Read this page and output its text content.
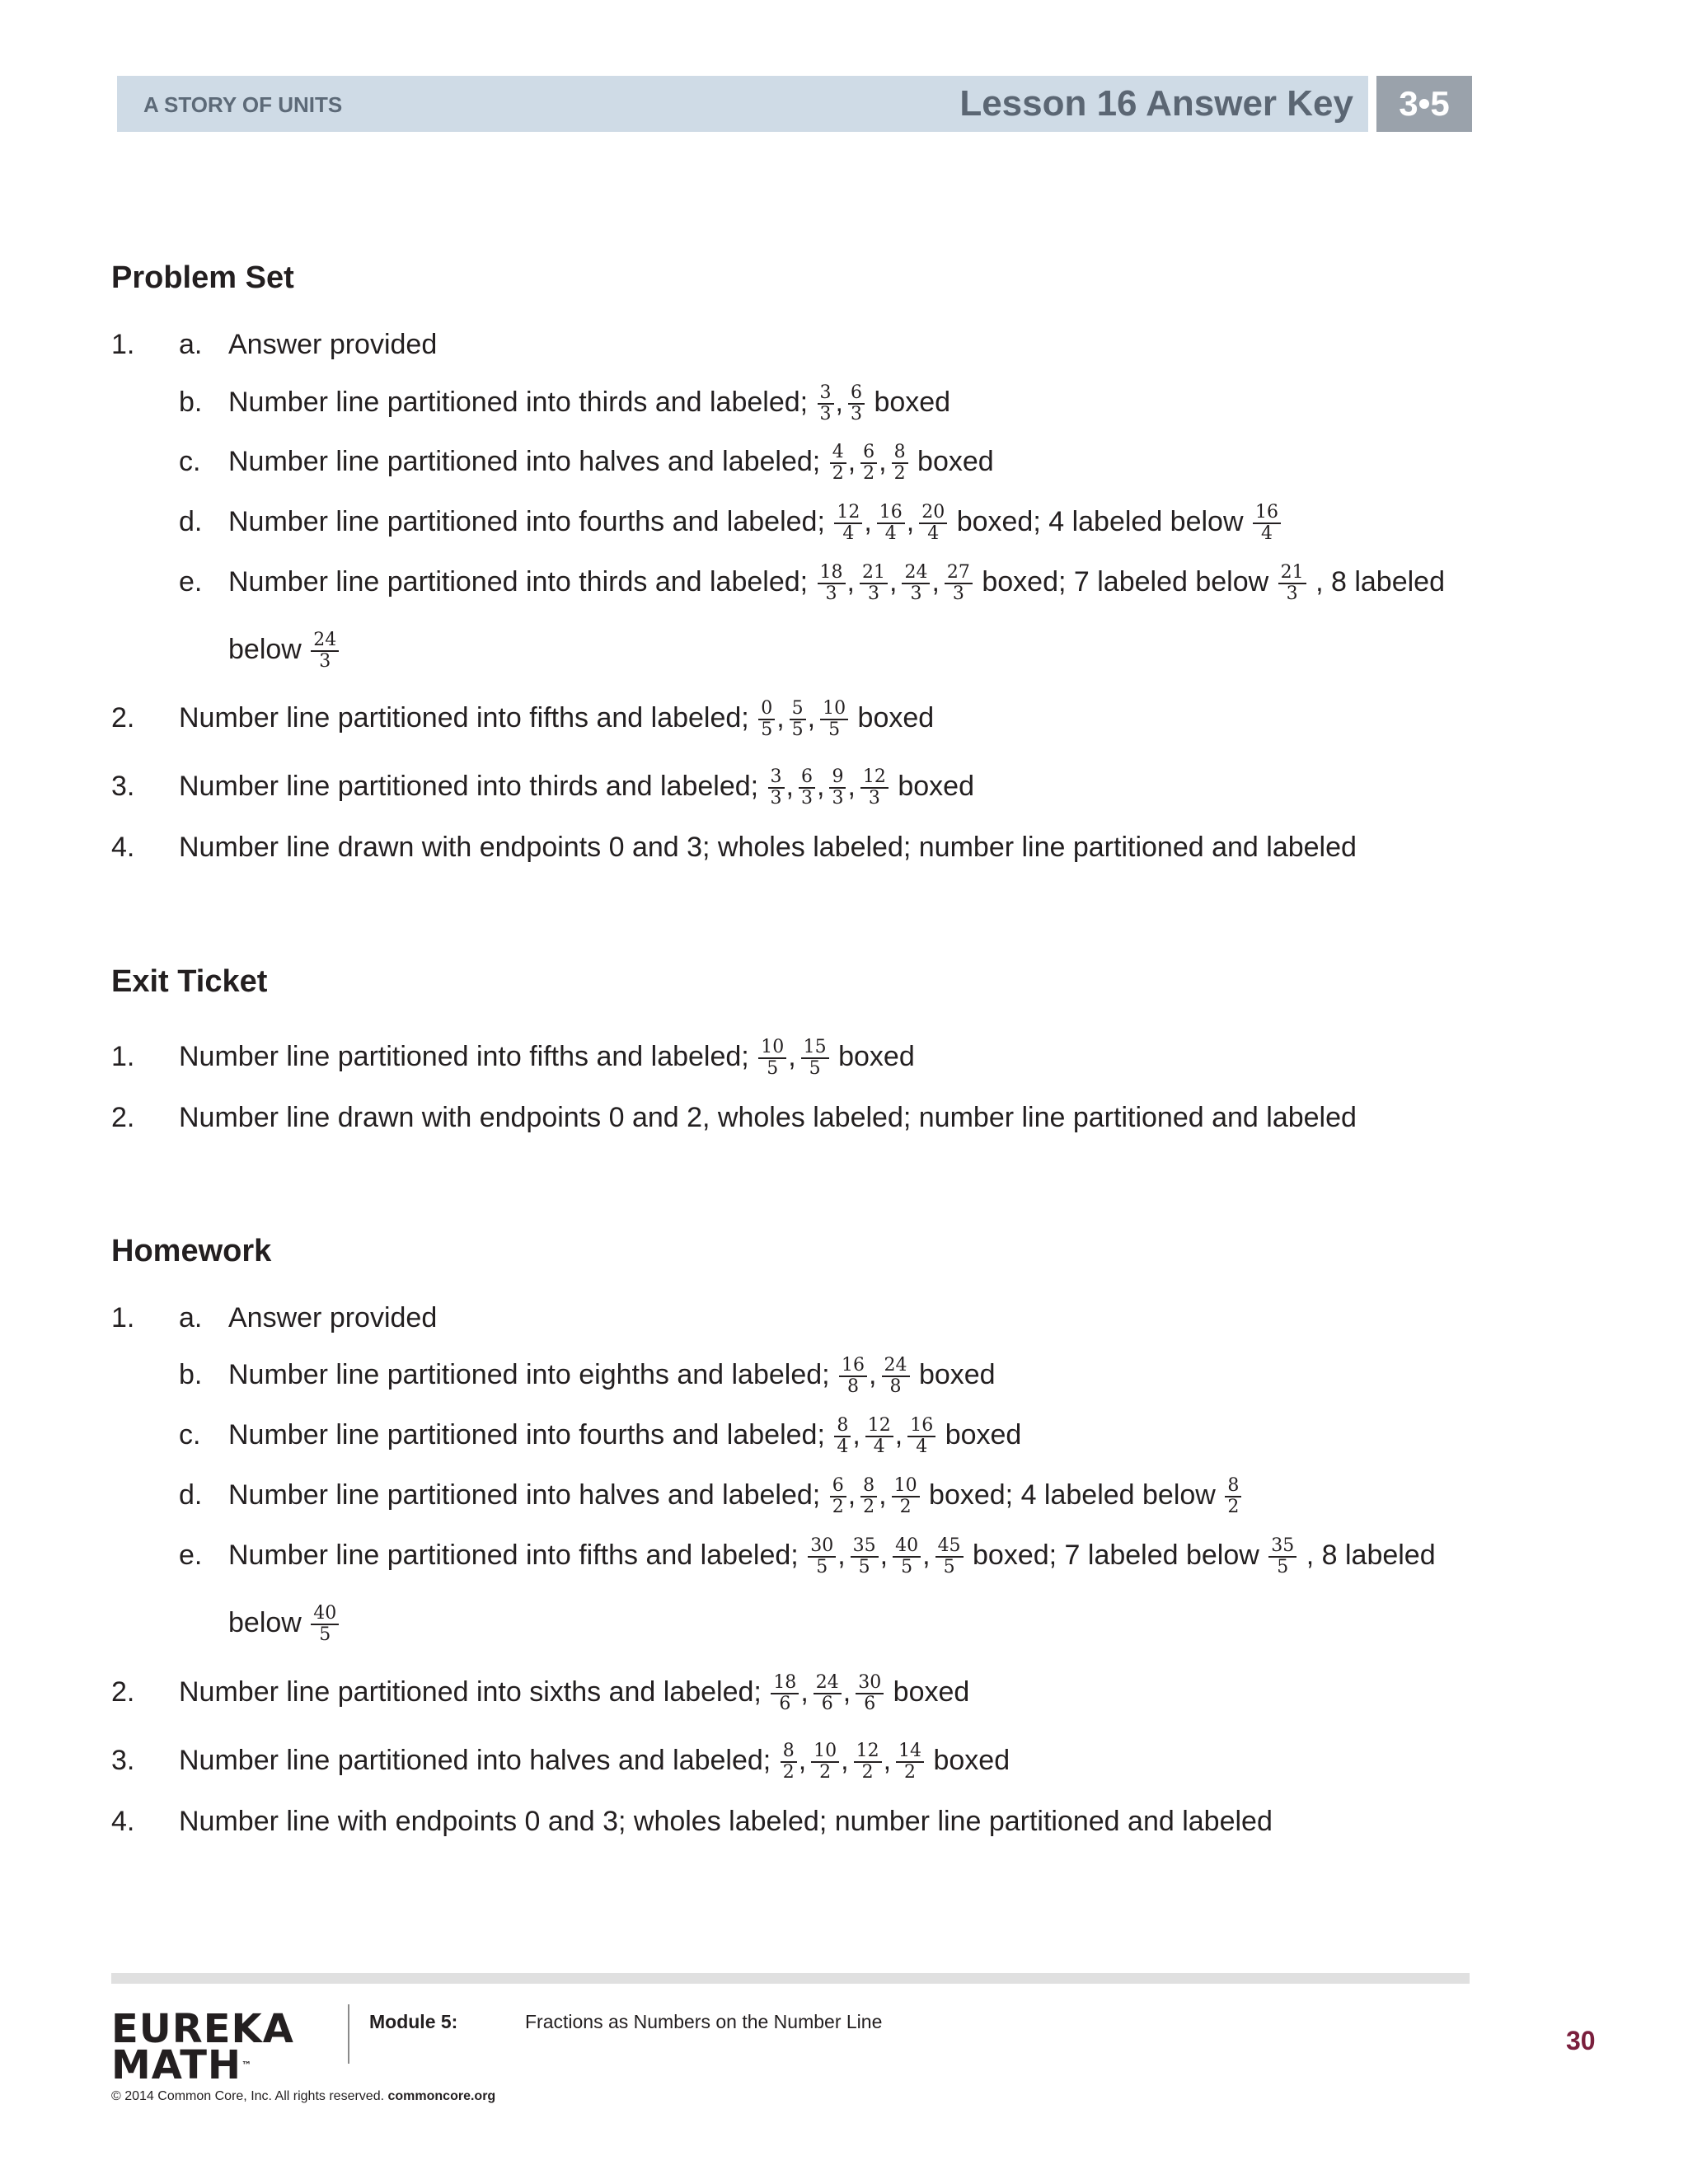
A STORY OF UNITS	Lesson 16 Answer Key	3•5
Problem Set
1.	Answer provided
a.
Number line partitioned into thirds and labeled; $\frac{3}{3}$ , $\frac{6}{3}$ boxed
b.
Number line partitioned into halves and labeled; $\frac{4}{2}$ , $\frac{6}{2}$ , $\frac{8}{2}$ boxed
c.
Number line partitioned into fourths and labeled; $\frac{12}{4}$ , $\frac{16}{4}$ , $\frac{20}{4}$ boxed; 4 labeled below $\frac{16}{4}$
d.
Number line partitioned into thirds and labeled; $\frac{18}{3}$ , $\frac{21}{3}$ , $\frac{24}{3}$ , $\frac{27}{3}$ boxed; 7 labeled below $\frac{21}{3}$ , 8 labeled
e.
below $\frac{24}{3}$
2. Number line partitioned into fifths and labeled; $\frac{0}{5}$ , $\frac{5}{5}$ , $\frac{10}{5}$ boxed
3. Number line partitioned into thirds and labeled; $\frac{3}{3}$ , $\frac{6}{3}$ , $\frac{9}{3}$ , $\frac{12}{3}$ boxed
4. Number line drawn with endpoints 0 and 3; wholes labeled; number line partitioned and labeled
Exit Ticket
1. Number line partitioned into fifths and labeled; $\frac{10}{5}$ , $\frac{15}{5}$ boxed
2. Number line drawn with endpoints 0 and 2, wholes labeled; number line partitioned and labeled
Homework
1.	Answer provided
a.
Number line partitioned into eighths and labeled; $\frac{16}{8}$ , $\frac{24}{8}$ boxed
b.
Number line partitioned into fourths and labeled; $\frac{8}{4}$ , $\frac{12}{4}$ , $\frac{16}{4}$ boxed
c.
Number line partitioned into halves and labeled; $\frac{6}{2}$ , $\frac{8}{2}$ , $\frac{10}{2}$ boxed; 4 labeled below $\frac{8}{2}$
d.
Number line partitioned into fifths and labeled; $\frac{30}{5}$ , $\frac{35}{5}$ , $\frac{40}{5}$ , $\frac{45}{5}$ boxed; 7 labeled below $\frac{35}{5}$ , 8 labeled
e.
below $\frac{40}{5}$
2. Number line partitioned into sixths and labeled; $\frac{18}{6}$ , $\frac{24}{6}$ , $\frac{30}{6}$ boxed
3. Number line partitioned into halves and labeled; $\frac{8}{2}$ , $\frac{10}{2}$ , $\frac{12}{2}$ , $\frac{14}{2}$ boxed
4. Number line with endpoints 0 and 3; wholes labeled; number line partitioned and labeled
EUREKA
MATH™
Module 5:	Fractions as Numbers on the Number Line
30
© 2014 Common Core, Inc. All rights reserved. commoncore.org
